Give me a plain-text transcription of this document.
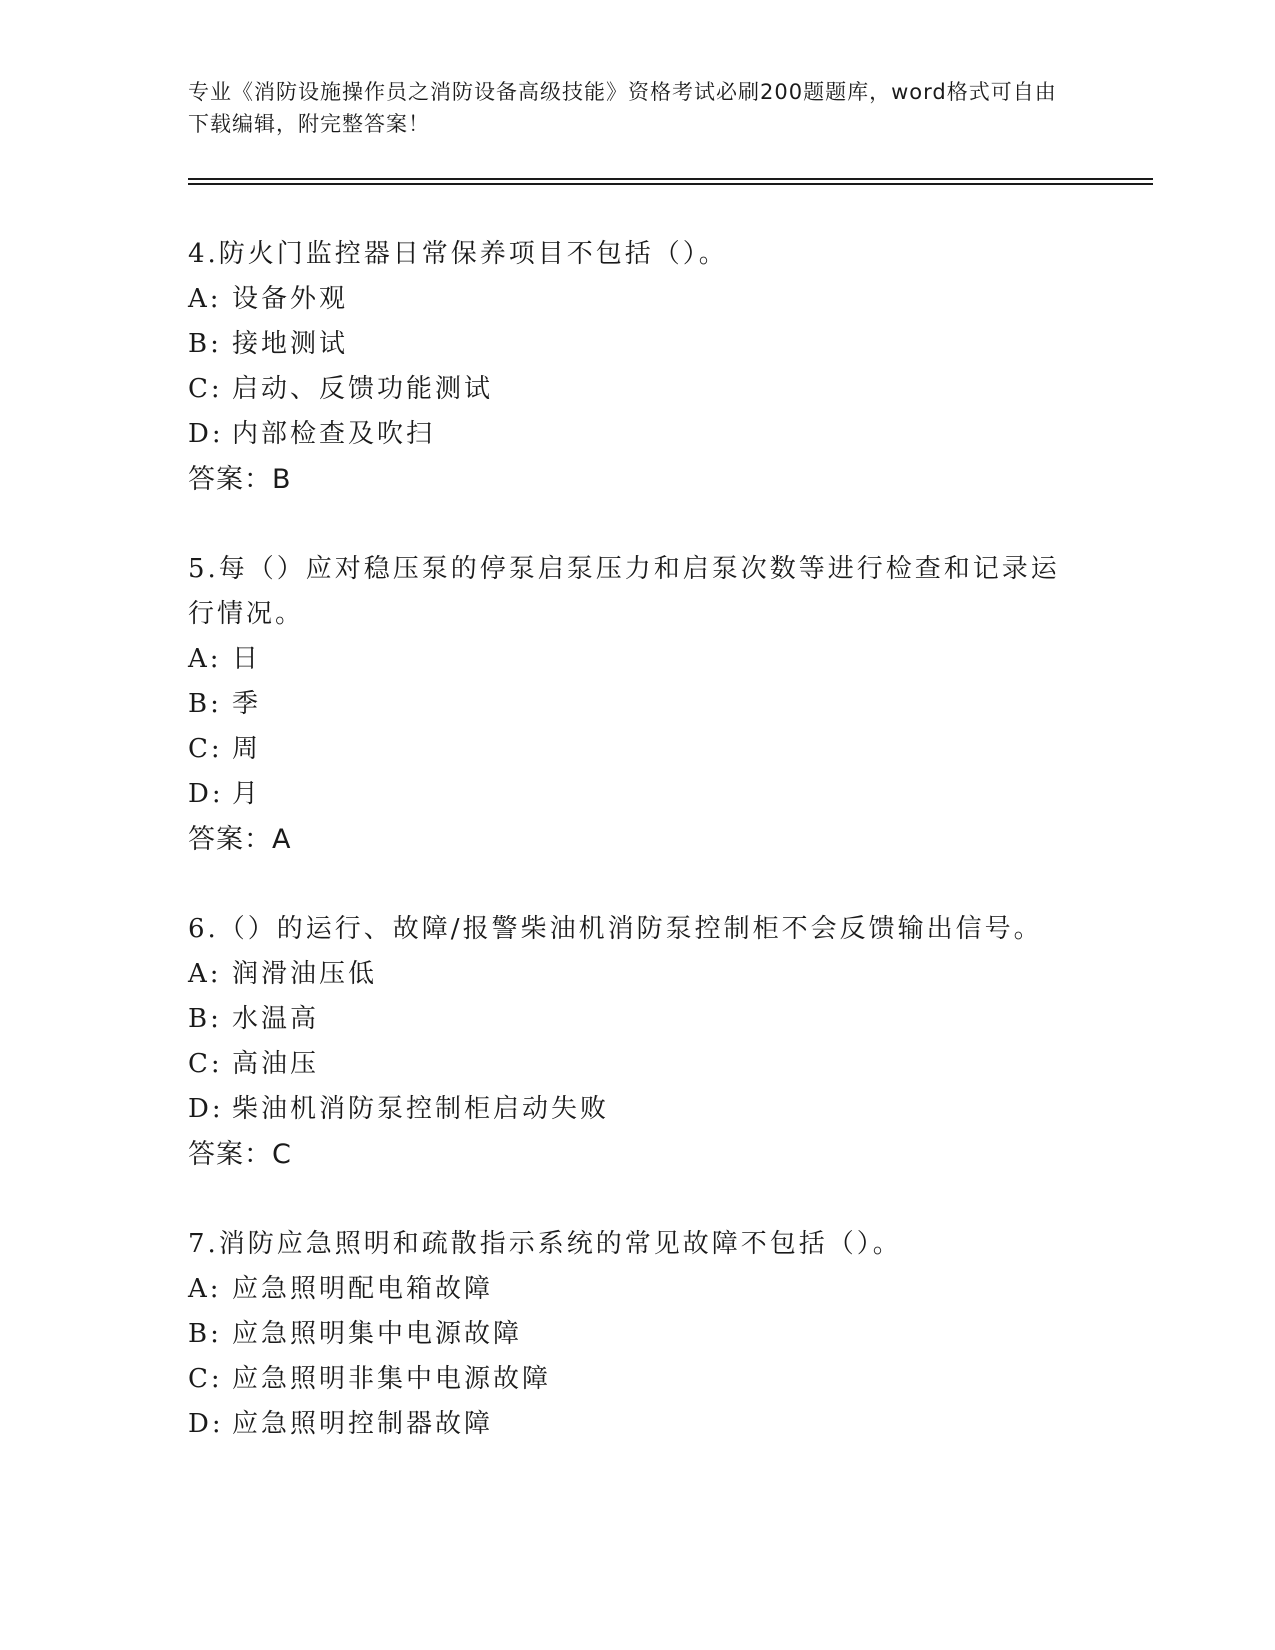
专业《消防设施操作员之消防设备高级技能》资格考试必刷200题题库，word格式可自由下载编辑，附完整答案！
4.防火门监控器日常保养项目不包括（）。
A: 设备外观
B: 接地测试
C: 启动、反馈功能测试
D: 内部检查及吹扫
答案：B
5.每（）应对稳压泵的停泵启泵压力和启泵次数等进行检查和记录运行情况。
A: 日
B: 季
C: 周
D: 月
答案：A
6.（）的运行、故障/报警柴油机消防泵控制柜不会反馈输出信号。
A: 润滑油压低
B: 水温高
C: 高油压
D: 柴油机消防泵控制柜启动失败
答案：C
7.消防应急照明和疏散指示系统的常见故障不包括（）。
A: 应急照明配电箱故障
B: 应急照明集中电源故障
C: 应急照明非集中电源故障
D: 应急照明控制器故障
